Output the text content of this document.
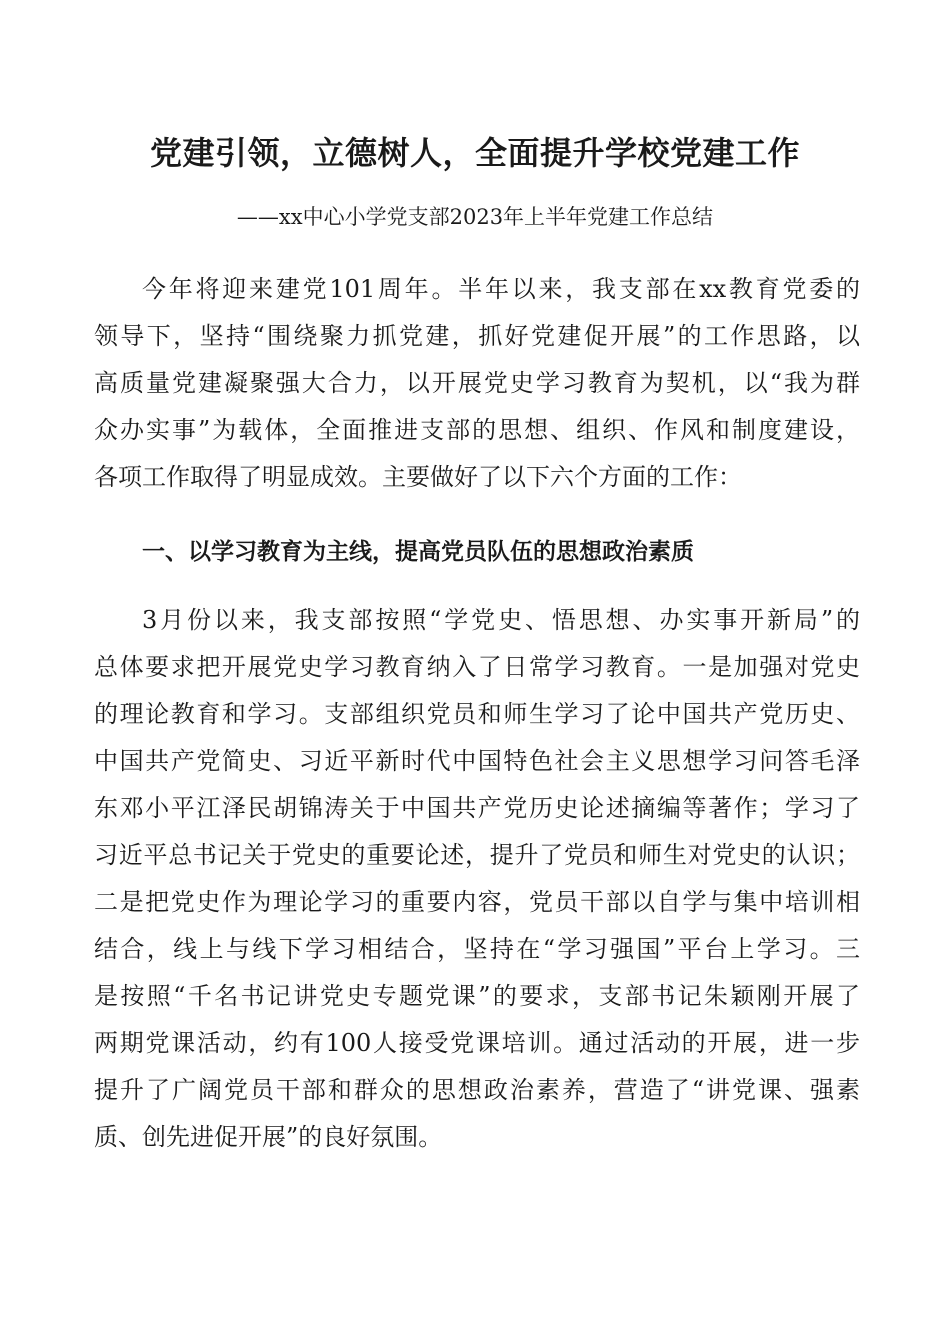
党建引领，立德树人，全面提升学校党建工作

——xx中心小学党支部2023年上半年党建工作总结

今年将迎来建党101周年。半年以来，我支部在xx教育党委的
领导下，坚持“围绕聚力抓党建，抓好党建促开展”的工作思路，以
高质量党建凝聚强大合力，以开展党史学习教育为契机，以“我为群
众办实事”为载体，全面推进支部的思想、组织、作风和制度建设，
各项工作取得了明显成效。主要做好了以下六个方面的工作：
一、以学习教育为主线，提高党员队伍的思想政治素质
3月份以来，我支部按照“学党史、悟思想、办实事开新局”的
总体要求把开展党史学习教育纳入了日常学习教育。一是加强对党史
的理论教育和学习。支部组织党员和师生学习了论中国共产党历史、
中国共产党简史、习近平新时代中国特色社会主义思想学习问答毛泽
东邓小平江泽民胡锦涛关于中国共产党历史论述摘编等著作；学习了
习近平总书记关于党史的重要论述，提升了党员和师生对党史的认识；
二是把党史作为理论学习的重要内容，党员干部以自学与集中培训相
结合，线上与线下学习相结合，坚持在“学习强国”平台上学习。三
是按照“千名书记讲党史专题党课”的要求，支部书记朱颖刚开展了
两期党课活动，约有100人接受党课培训。通过活动的开展，进一步
提升了广阔党员干部和群众的思想政治素养，营造了“讲党课、强素
质、创先进促开展”的良好氛围。
